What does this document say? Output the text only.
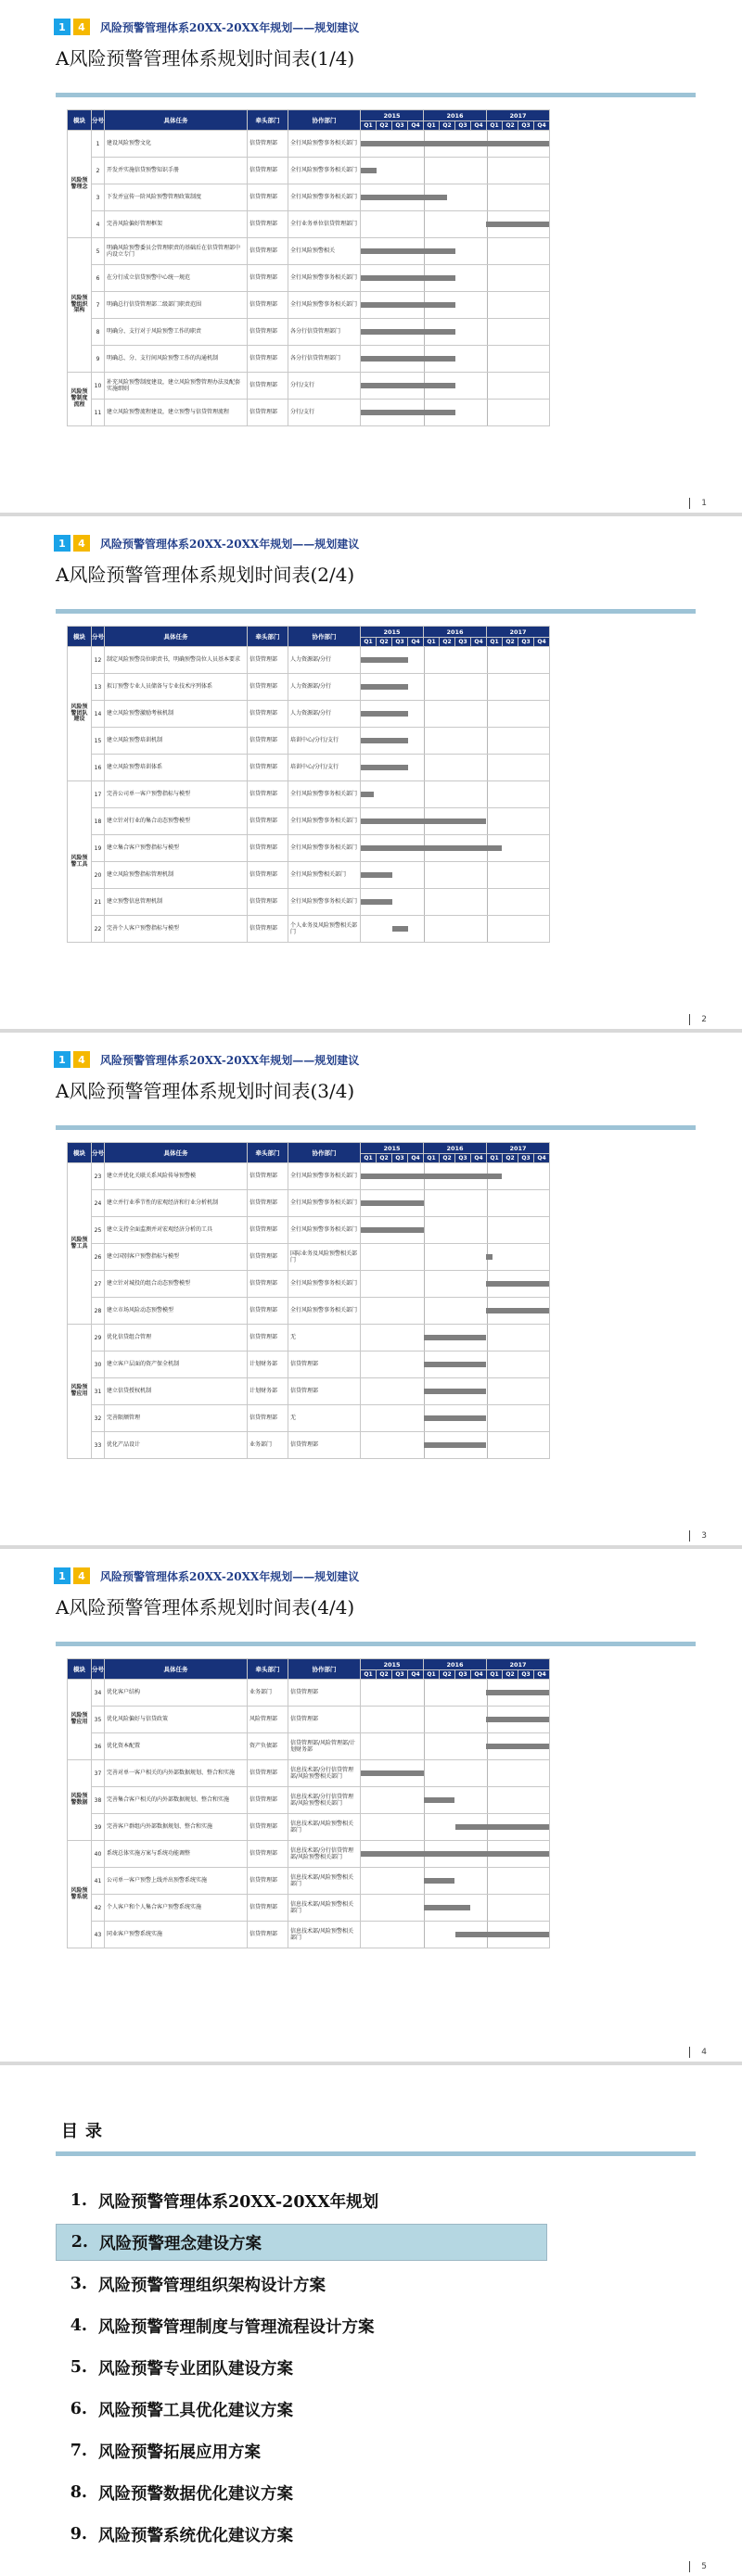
1	4	风险预警管理体系20XX-20XX年规划——规划建议
A风险预警管理体系规划时间表(1/4)
模块	分号	具体任务	牵头部门	协作部门	2015				2016				2017			
					Q1	Q2	Q3	Q4	Q1	Q2	Q3	Q4	Q1	Q2	Q3	Q4
风险预警理念	1	建设风险预警文化	信贷管理部	全行风险预警事务相关部门												

	2	开发并实施信贷预警知识手册	信贷管理部	全行风险预警事务相关部门												

	3	下发并宣传一阶风险预警管理政策制度	信贷管理部	全行风险预警事务相关部门												

	4	完善风险偏好管理框架	信贷管理部	全行业务单位信贷管理部门												

风险预警组织架构	5	明确风险预警委员会管理职责的基础后在信贷管理部中内设立专门	信贷管理部	全行风险预警相关												

	6	在分行成立信贷预警中心统一规范	信贷管理部	全行风险预警事务相关部门												

	7	明确总行信贷管理部二级部门职责范围	信贷管理部	全行风险预警事务相关部门												

	8	明确分、支行对于风险预警工作的职责	信贷管理部	各分行信贷管理部门												

	9	明确总、分、支行间风险预警工作的沟通机制	信贷管理部	各分行信贷管理部门												

风险预警制度流程	10	补充风险预警制度建设，建立风险预警管理办法及配套实施细则	信贷管理部	分行/支行												

	11	建立风险预警流程建设，建立预警与信贷管理流程	信贷管理部	分行/支行												
1
1	4	风险预警管理体系20XX-20XX年规划——规划建议
A风险预警管理体系规划时间表(2/4)
模块	分号	具体任务	牵头部门	协作部门	2015				2016				2017			
					Q1	Q2	Q3	Q4	Q1	Q2	Q3	Q4	Q1	Q2	Q3	Q4
风险预警团队建设	12	制定风险预警岗位职责书，明确预警岗位人员基本要求	信贷管理部	人力资源部/分行												

	13	拟订预警专业人员储备与专业技术序列体系	信贷管理部	人力资源部/分行												

	14	建立风险预警激励考核机制	信贷管理部	人力资源部/分行												

	15	建立风险预警培训机制	信贷管理部	培训中心/分行/支行												

	16	建立风险预警培训体系	信贷管理部	培训中心/分行/支行												

风险预警工具	17	完善公司单一客户预警指标与模型	信贷管理部	全行风险预警事务相关部门												

	18	建立针对行业的集合动态预警模型	信贷管理部	全行风险预警事务相关部门												

	19	建立集合客户预警指标与模型	信贷管理部	全行风险预警事务相关部门												

	20	建立风险预警指标管理机制	信贷管理部	全行风险预警相关部门												

	21	建立预警信息管理机制	信贷管理部	全行风险预警事务相关部门												

	22	完善个人客户预警指标与模型	信贷管理部	个人业务及风险预警相关部门												
2
1	4	风险预警管理体系20XX-20XX年规划——规划建议
A风险预警管理体系规划时间表(3/4)
模块	分号	具体任务	牵头部门	协作部门	2015				2016				2017			
					Q1	Q2	Q3	Q4	Q1	Q2	Q3	Q4	Q1	Q2	Q3	Q4
风险预警工具	23	建立并优化关联关系风险传导预警模	信贷管理部	全行风险预警事务相关部门												

	24	建立并行业季节性的宏观经济和行业分析机制	信贷管理部	全行风险预警事务相关部门												

	25	建立支持全面监测并对宏观经济分析的工具	信贷管理部	全行风险预警事务相关部门												

	26	建立国别客户预警指标与模型	信贷管理部	国际业务及风险预警相关部门												

	27	建立针对城投的组合动态预警模型	信贷管理部	全行风险预警事务相关部门												

	28	建立市场风险动态预警模型	信贷管理部	全行风险预警事务相关部门												

风险预警应用	29	优化信贷组合管理	信贷管理部	无												

	30	建立客户层面的资产保全机制	计划财务部	信贷管理部												

	31	建立信贷授权机制	计划财务部	信贷管理部												

	32	完善限额管理	信贷管理部	无												

	33	优化产品设计	业务部门	信贷管理部												
3
1	4	风险预警管理体系20XX-20XX年规划——规划建议
A风险预警管理体系规划时间表(4/4)
模块	分号	具体任务	牵头部门	协作部门	2015				2016				2017			
					Q1	Q2	Q3	Q4	Q1	Q2	Q3	Q4	Q1	Q2	Q3	Q4
风险预警应用	34	优化客户结构	业务部门	信贷管理部												

	35	优化风险偏好与信贷政策	风险管理部	信贷管理部												

	36	优化资本配置	资产负债部	信贷管理部/风险管理部/计划财务部												

风险预警数据	37	完善对单一客户相关的内外部数据规划、整合和实施	信贷管理部	信息技术部/分行信贷管理部/风险预警相关部门												

	38	完善集合客户相关的内外部数据规划、整合和实施	信贷管理部	信息技术部/分行信贷管理部/风险预警相关部门												

	39	完善客户群组内外部数据规划、整合和实施	信贷管理部	信息技术部/风险预警相关部门												

风险预警系统	40	系统总体实施方案与系统功能调整	信贷管理部	信息技术部/分行信贷管理部/风险预警相关部门												

	41	公司单一客户预警上线并出预警系统实施	信贷管理部	信息技术部/风险预警相关部门												

	42	个人客户和个人集合客户预警系统实施	信贷管理部	信息技术部/风险预警相关部门												

	43	同业客户预警系统实施	信贷管理部	信息技术部/风险预警相关部门												
4
目录
1. 风险预警管理体系20XX-20XX年规划
2. 风险预警理念建设方案
3. 风险预警管理组织架构设计方案
4. 风险预警管理制度与管理流程设计方案
5. 风险预警专业团队建设方案
6. 风险预警工具优化建议方案
7. 风险预警拓展应用方案
8. 风险预警数据优化建议方案
9. 风险预警系统优化建议方案
5
